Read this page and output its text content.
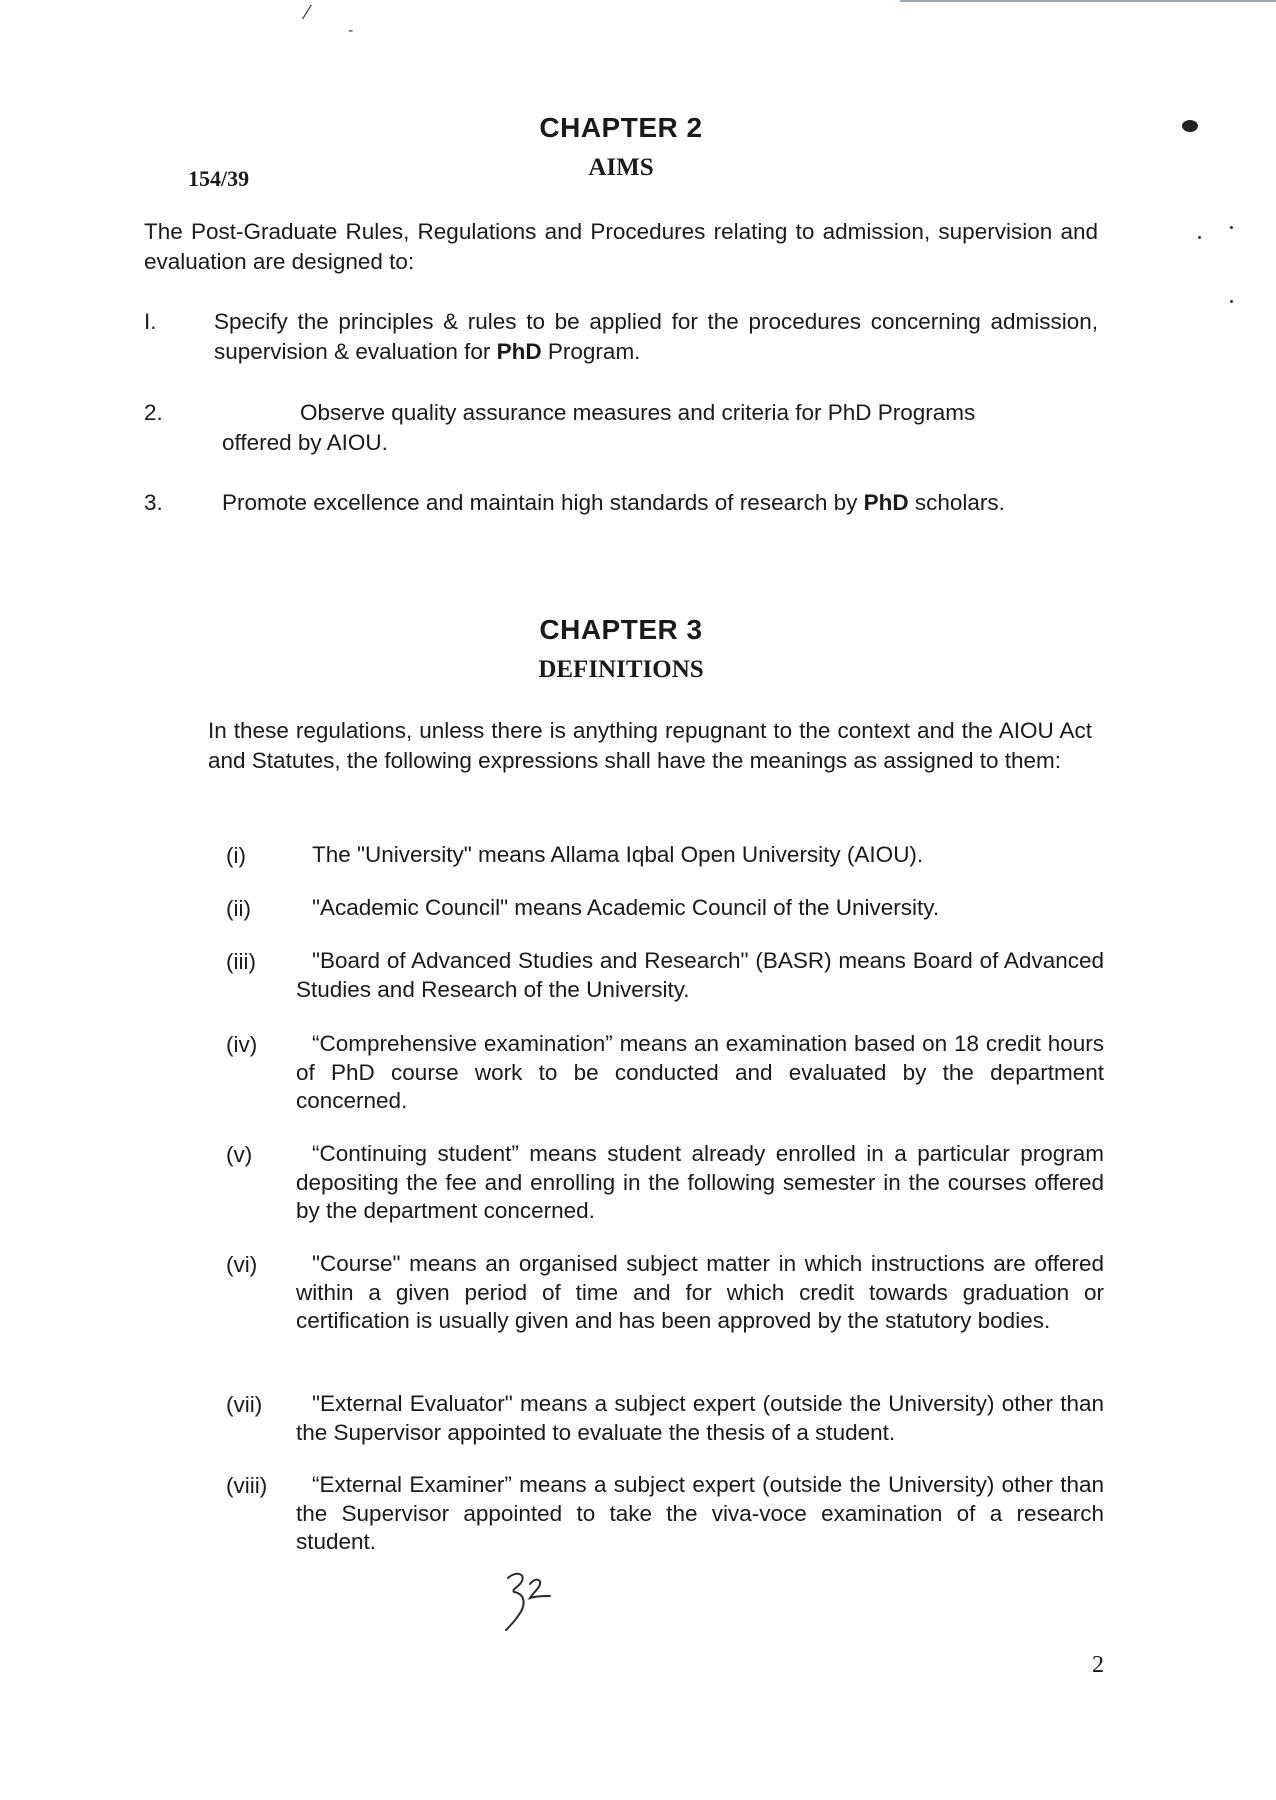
⁄
-
154/39
CHAPTER 2
AIMS
The Post-Graduate Rules, Regulations and Procedures relating to admission, supervision and evaluation are designed to:
I.	Specify the principles & rules to be applied for the procedures concerning admission, supervision & evaluation for PhD Program.
2.	Observe quality assurance measures and criteria for PhD Programs
offered by AIOU.
3.	Promote excellence and maintain high standards of research by PhD scholars.
CHAPTER 3
DEFINITIONS
In these regulations, unless there is anything repugnant to the context and the AIOU Act and Statutes, the following expressions shall have the meanings as assigned to them:
(i)	The "University" means Allama Iqbal Open University (AIOU).
(ii)	"Academic Council" means Academic Council of the University.
(iii)	"Board of Advanced Studies and Research" (BASR) means Board of Advanced Studies and Research of the University.
(iv)	“Comprehensive examination” means an examination based on 18 credit hours of PhD course work to be conducted and evaluated by the department concerned.
(v)	“Continuing student” means student already enrolled in a particular program depositing the fee and enrolling in the following semester in the courses offered by the department concerned.
(vi)	"Course" means an organised subject matter in which instructions are offered within a given period of time and for which credit towards graduation or certification is usually given and has been approved by the statutory bodies.
(vii)	"External Evaluator" means a subject expert (outside the University) other than the Supervisor appointed to evaluate the thesis of a student.
(viii)	“External Examiner” means a subject expert (outside the University) other than the Supervisor appointed to take the viva-voce examination of a research student.
2
